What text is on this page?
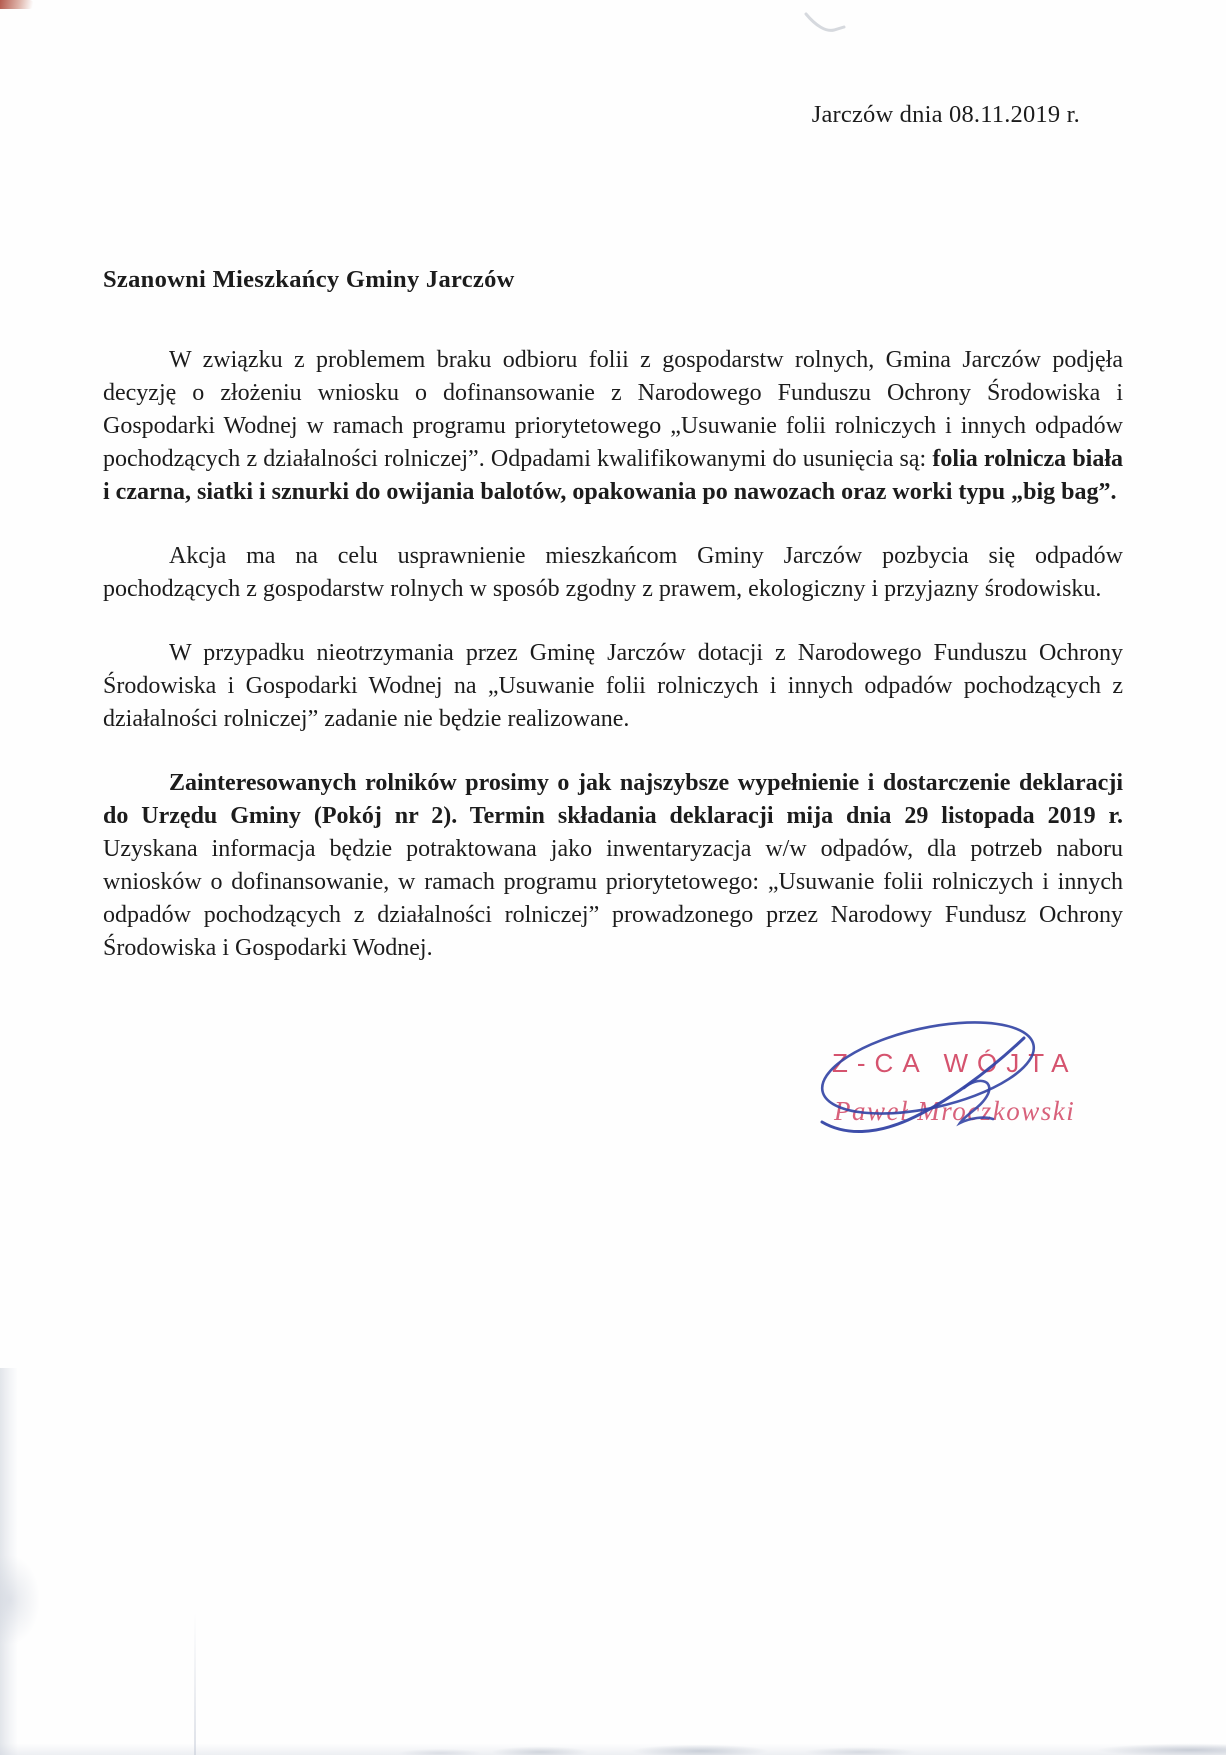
Jarczów dnia 08.11.2019 r.
Szanowni Mieszkańcy Gminy Jarczów

W związku z problemem braku odbioru folii z gospodarstw rolnych, Gmina Jarczów podjęła decyzję o złożeniu wniosku o dofinansowanie z Narodowego Funduszu Ochrony Środowiska i Gospodarki Wodnej w ramach programu priorytetowego „Usuwanie folii rolniczych i innych odpadów pochodzących z działalności rolniczej”. Odpadami kwalifikowanymi do usunięcia są: folia rolnicza biała i czarna, siatki i sznurki do owijania balotów, opakowania po nawozach oraz worki typu „big bag”.

Akcja ma na celu usprawnienie mieszkańcom Gminy Jarczów pozbycia się odpadów pochodzących z gospodarstw rolnych w sposób zgodny z prawem, ekologiczny i przyjazny środowisku.

W przypadku nieotrzymania przez Gminę Jarczów dotacji z Narodowego Funduszu Ochrony Środowiska i Gospodarki Wodnej na „Usuwanie folii rolniczych i innych odpadów pochodzących z działalności rolniczej” zadanie nie będzie realizowane.

Zainteresowanych rolników prosimy o jak najszybsze wypełnienie i dostarczenie deklaracji do Urzędu Gminy (Pokój nr 2). Termin składania deklaracji mija dnia 29 listopada 2019 r. Uzyskana informacja będzie potraktowana jako inwentaryzacja w/w odpadów, dla potrzeb naboru wniosków o dofinansowanie, w ramach programu priorytetowego: „Usuwanie folii rolniczych i innych odpadów pochodzących z działalności rolniczej” prowadzonego przez Narodowy Fundusz Ochrony Środowiska i Gospodarki Wodnej.

Z-CA WÓJTA
Paweł Mroczkowski
